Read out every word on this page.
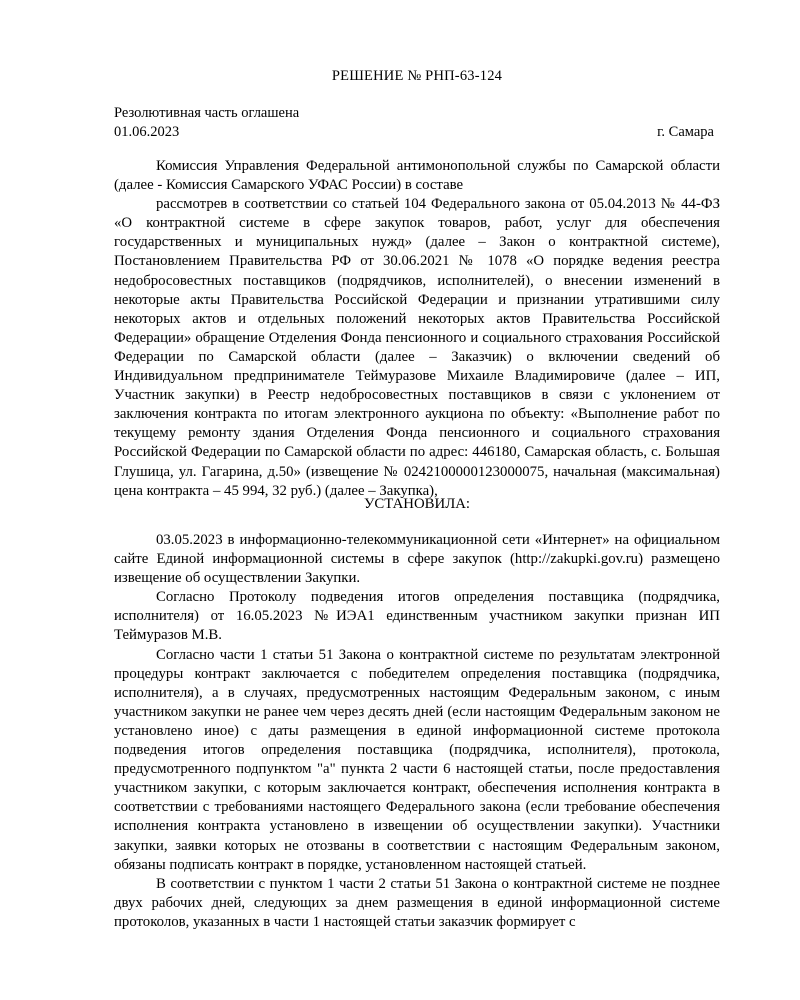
РЕШЕНИЕ № РНП-63-124
Резолютивная часть оглашена
01.06.2023	г. Самара

Комиссия Управления Федеральной антимонопольной службы по Самарской области (далее - Комиссия Самарского УФАС России) в составе

рассмотрев в соответствии со статьей 104 Федерального закона от 05.04.2013 № 44-ФЗ «О контрактной системе в сфере закупок товаров, работ, услуг для обеспечения государственных и муниципальных нужд» (далее – Закон о контрактной системе), Постановлением Правительства РФ от 30.06.2021 № 1078 «О порядке ведения реестра недобросовестных поставщиков (подрядчиков, исполнителей), о внесении изменений в некоторые акты Правительства Российской Федерации и признании утратившими силу некоторых актов и отдельных положений некоторых актов Правительства Российской Федерации» обращение Отделения Фонда пенсионного и социального страхования Российской Федерации по Самарской области (далее – Заказчик) о включении сведений об Индивидуальном предпринимателе Теймуразове Михаиле Владимировиче (далее – ИП, Участник закупки) в Реестр недобросовестных поставщиков в связи с уклонением от заключения контракта по итогам электронного аукциона по объекту: «Выполнение работ по текущему ремонту здания Отделения Фонда пенсионного и социального страхования Российской Федерации по Самарской области по адрес: 446180, Самарская область, с. Большая Глушица, ул. Гагарина, д.50» (извещение № 0242100000123000075, начальная (максимальная) цена контракта – 45 994, 32 руб.) (далее – Закупка),

УСТАНОВИЛА:

03.05.2023 в информационно-телекоммуникационной сети «Интернет» на официальном сайте Единой информационной системы в сфере закупок (http://zakupki.gov.ru) размещено извещение об осуществлении Закупки.

Согласно Протоколу подведения итогов определения поставщика (подрядчика, исполнителя) от 16.05.2023 №ИЭА1 единственным участником закупки признан ИП Теймуразов М.В.

Согласно части 1 статьи 51 Закона о контрактной системе по результатам электронной процедуры контракт заключается с победителем определения поставщика (подрядчика, исполнителя), а в случаях, предусмотренных настоящим Федеральным законом, с иным участником закупки не ранее чем через десять дней (если настоящим Федеральным законом не установлено иное) с даты размещения в единой информационной системе протокола подведения итогов определения поставщика (подрядчика, исполнителя), протокола, предусмотренного подпунктом "а" пункта 2 части 6 настоящей статьи, после предоставления участником закупки, с которым заключается контракт, обеспечения исполнения контракта в соответствии с требованиями настоящего Федерального закона (если требование обеспечения исполнения контракта установлено в извещении об осуществлении закупки). Участники закупки, заявки которых не отозваны в соответствии с настоящим Федеральным законом, обязаны подписать контракт в порядке, установленном настоящей статьей.

В соответствии с пунктом 1 части 2 статьи 51 Закона о контрактной системе не позднее двух рабочих дней, следующих за днем размещения в единой информационной системе протоколов, указанных в части 1 настоящей статьи заказчик формирует с
